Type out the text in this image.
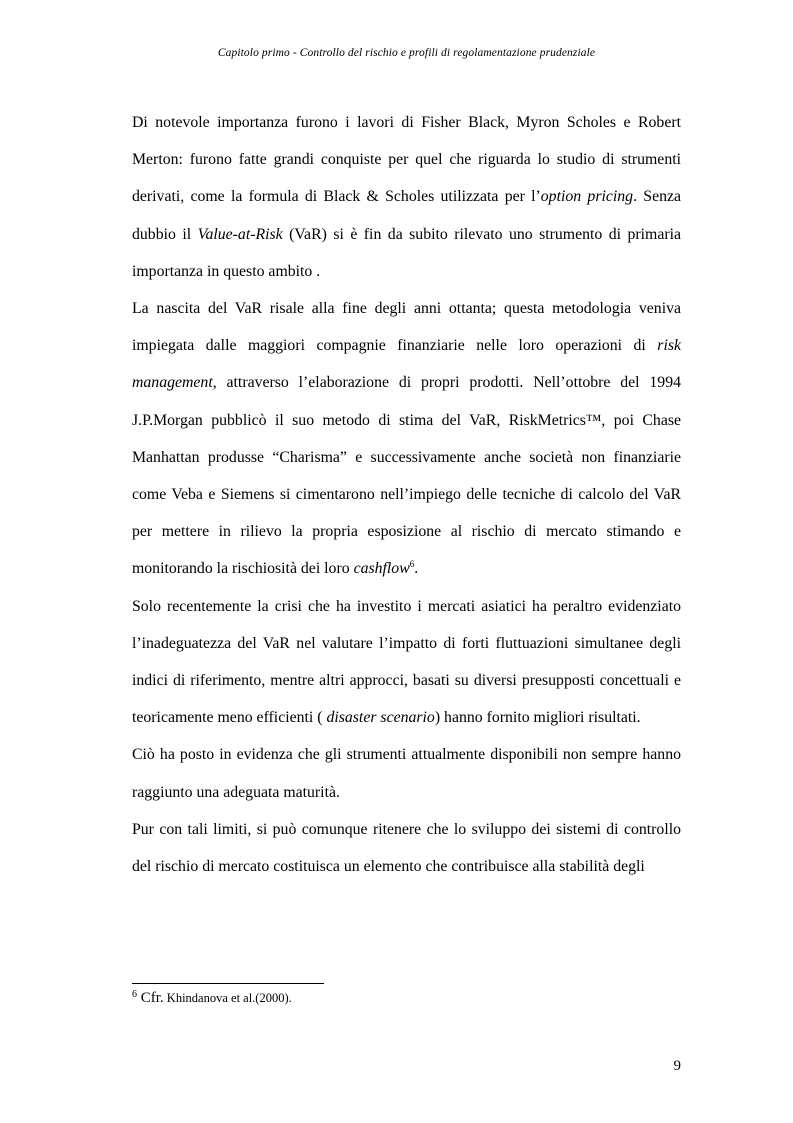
Capitolo primo - Controllo del rischio e profili di regolamentazione prudenziale

Di notevole importanza furono i lavori di Fisher Black, Myron Scholes e Robert Merton: furono fatte grandi conquiste per quel che riguarda lo studio di strumenti derivati, come la formula di Black & Scholes utilizzata per l’option pricing. Senza dubbio il Value-at-Risk (VaR) si è fin da subito rilevato uno strumento di primaria importanza in questo ambito .

La nascita del VaR risale alla fine degli anni ottanta; questa metodologia veniva impiegata dalle maggiori compagnie finanziarie nelle loro operazioni di risk management, attraverso l’elaborazione di propri prodotti. Nell’ottobre del 1994 J.P.Morgan pubblicò il suo metodo di stima del VaR, RiskMetrics™, poi Chase Manhattan produsse “Charisma” e successivamente anche società non finanziarie come Veba e Siemens si cimentarono nell’impiego delle tecniche di calcolo del VaR per mettere in rilievo la propria esposizione al rischio di mercato stimando e monitorando la rischiosità dei loro cashflow$^6$.

Solo recentemente la crisi che ha investito i mercati asiatici ha peraltro evidenziato l’inadeguatezza del VaR nel valutare l’impatto di forti fluttuazioni simultanee degli indici di riferimento, mentre altri approcci, basati su diversi presupposti concettuali e teoricamente meno efficienti ( disaster scenario) hanno fornito migliori risultati.

Ciò ha posto in evidenza che gli strumenti attualmente disponibili non sempre hanno raggiunto una adeguata maturità.

Pur con tali limiti, si può comunque ritenere che lo sviluppo dei sistemi di controllo del rischio di mercato costituisca un elemento che contribuisce alla stabilità degli

$^6$ Cfr. Khindanova et al.(2000).
9
